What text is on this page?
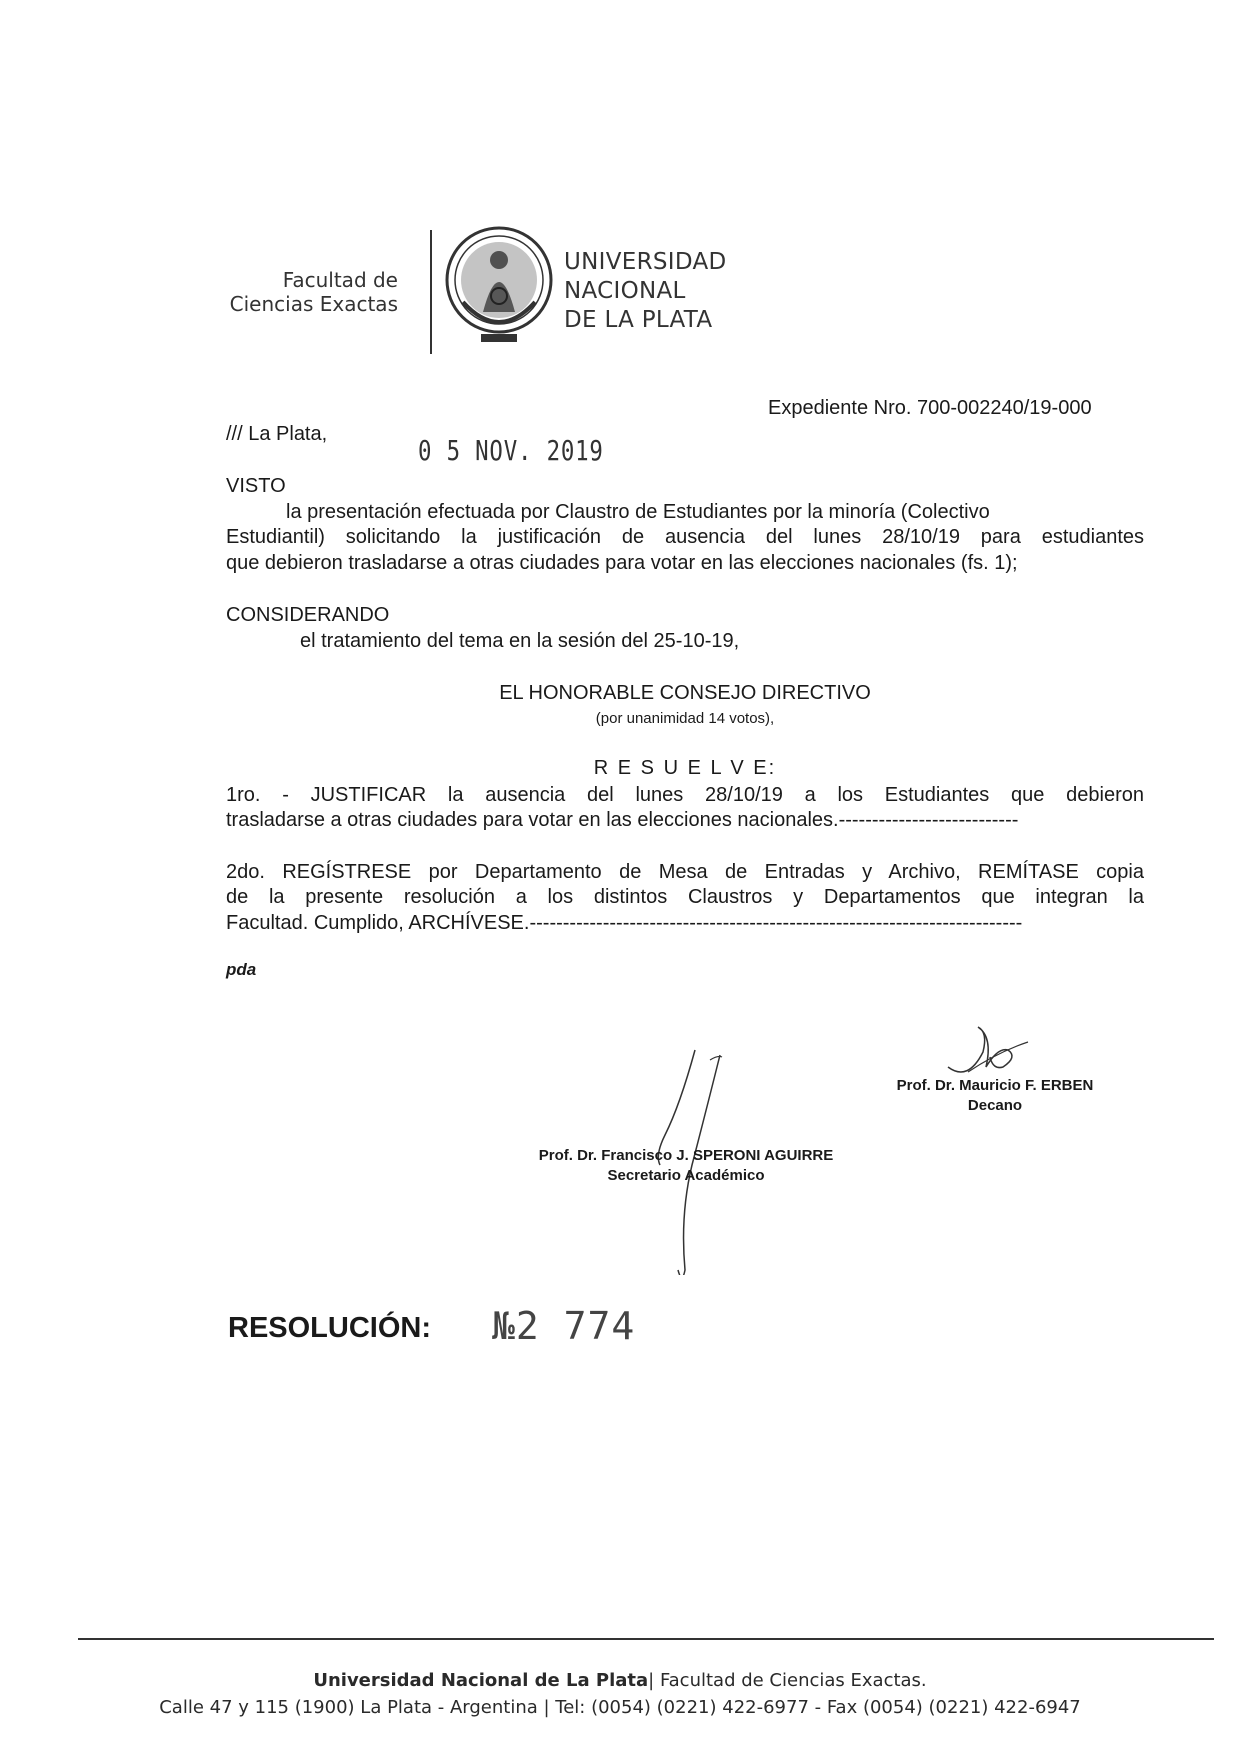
Facultad de
Ciencias Exactas
UNIVERSIDAD
NACIONAL
DE LA PLATA
Expediente Nro. 700-002240/19-000
/// La Plata,	0 5 NOV. 2019
VISTO
la presentación efectuada por Claustro de Estudiantes por la minoría (Colectivo
Estudiantil) solicitando la justificación de ausencia del lunes 28/10/19 para estudiantes
que debieron trasladarse a otras ciudades para votar en las elecciones nacionales (fs. 1);
CONSIDERANDO
el tratamiento del tema en la sesión del 25-10-19,
EL HONORABLE CONSEJO DIRECTIVO
(por unanimidad 14 votos),
R E S U E L V E:
1ro. - JUSTIFICAR la ausencia del lunes 28/10/19 a los Estudiantes que debieron
trasladarse a otras ciudades para votar en las elecciones nacionales.---------------------------
2do. REGÍSTRESE por Departamento de Mesa de Entradas y Archivo, REMÍTASE copia
de la presente resolución a los distintos Claustros y Departamentos que integran la
Facultad. Cumplido, ARCHÍVESE.--------------------------------------------------------------------------
pda
Prof. Dr. Mauricio F. ERBEN
Decano
Prof. Dr. Francisco J. SPERONI AGUIRRE
Secretario Académico
RESOLUCIÓN: №2 774
Universidad Nacional de La Plata| Facultad de Ciencias Exactas.
Calle 47 y 115 (1900) La Plata - Argentina | Tel: (0054) (0221) 422-6977 - Fax (0054) (0221) 422-6947
